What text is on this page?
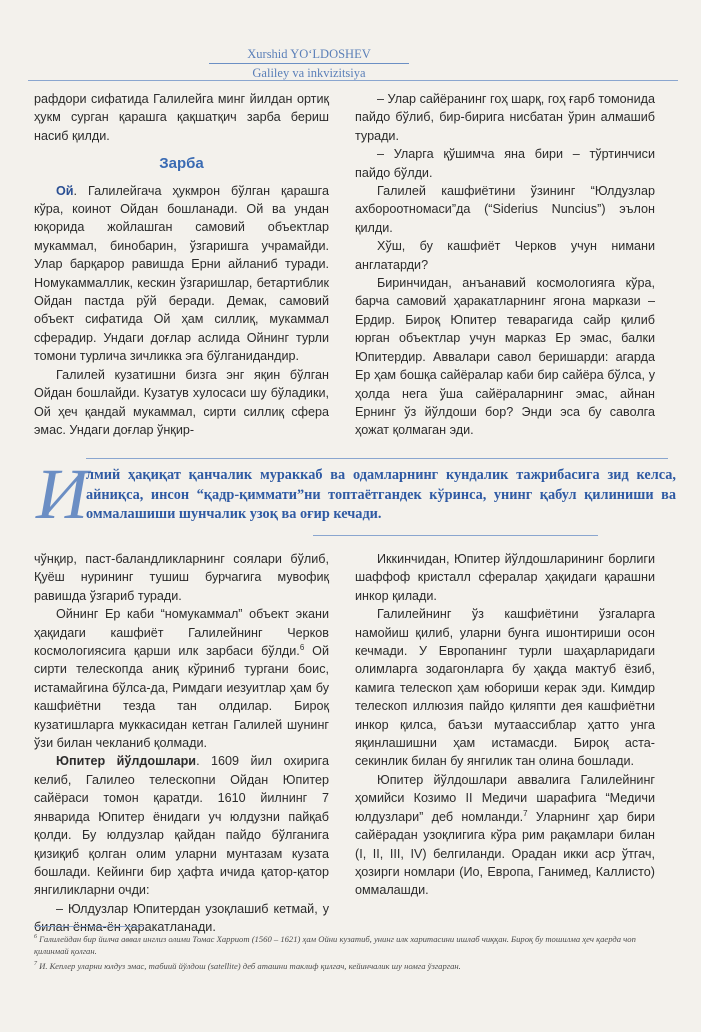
Xurshid YO‘LDOSHEV
Galiley va inkvizitsiya

рафдори сифатида Галилейга минг йилдан ортиқ ҳукм сурган қарашга қақшатқич зарба бериш насиб қилди.

Зарба

Ой. Галилейгача ҳукмрон бўлган қарашга кўра, коинот Ойдан бошланади. Ой ва ундан юқорида жойлашган самовий объектлар мукаммал, бинобарин, ўзгаришга учрамайди. Улар барқарор равишда Ерни айланиб туради. Номукаммаллик, кескин ўзгаришлар, бетартиблик Ойдан пастда рўй беради. Демак, самовий объект сифатида Ой ҳам силлиқ, мукаммал сферадир. Ундаги доғлар аслида Ойнинг турли томони турлича зичликка эга бўлганидандир.

Галилей кузатишни бизга энг яқин бўлган Ойдан бошлайди. Кузатув хулосаси шу бўладики, Ой ҳеч қандай мукаммал, сирти силлиқ сфера эмас. Ундаги доғлар ўнқир-

– Улар сайёранинг гоҳ шарқ, гоҳ ғарб томонида пайдо бўлиб, бир-бирига нисбатан ўрин алмашиб туради.

– Уларга қўшимча яна бири – тўртинчиси пайдо бўлди.

Галилей кашфиётини ўзининг “Юлдузлар ахбороотномаси”да (“Siderius Nuncius”) эълон қилди.

Хўш, бу кашфиёт Черков учун нимани англатарди?

Биринчидан, анъанавий космологияга кўра, барча самовий ҳаракатларнинг ягона маркази – Ердир. Бироқ Юпитер теварагида сайр қилиб юрган объектлар учун марказ Ер эмас, балки Юпитердир. Аввалари савол беришарди: агарда Ер ҳам бошқа сайёралар каби бир сайёра бўлса, у ҳолда нега ўша сайёраларнинг эмас, айнан Ернинг ўз йўлдоши бор? Энди эса бу саволга ҳожат қолмаган эди.

И
лмий ҳақиқат қанчалик мураккаб ва одамларнинг кундалик тажрибасига зид келса, айниқса, инсон “қадр-қиммати”ни топтаётгандек кўринса, унинг қабул қилиниши ва оммалашиши шунчалик узоқ ва оғир кечади.

чўнқир, паст-баландликларнинг соялари бўлиб, Қуёш нурининг тушиш бурчагига мувофиқ равишда ўзгариб туради.

Ойнинг Ер каби “номукаммал” объект экани ҳақидаги кашфиёт Галилейнинг Черков космологиясига қарши илк зарбаси бўлди.$^6$ Ой сирти телескопда аниқ кўриниб тургани боис, истамайгина бўлса-да, Римдаги иезуитлар ҳам бу кашфиётни тезда тан олдилар. Бироқ кузатишларга муккасидан кетган Галилей шунинг ўзи билан чекланиб қолмади.

Юпитер йўлдошлари. 1609 йил охирига келиб, Галилео телескопни Ойдан Юпитер сайёраси томон қаратди. 1610 йилнинг 7 январида Юпитер ёнидаги уч юлдузни пайқаб қолди. Бу юлдузлар қайдан пайдо бўлганига қизиқиб қолган олим уларни мунтазам кузата бошлади. Кейинги бир ҳафта ичида қатор-қатор янгиликларни очди:

– Юлдузлар Юпитердан узоқлашиб кетмай, у билан ёнма-ён ҳаракатланади.

Иккинчидан, Юпитер йўлдошларининг борлиги шаффоф кристалл сфералар ҳақидаги қарашни инкор қилади.

Галилейнинг ўз кашфиётини ўзгаларга намойиш қилиб, уларни бунга ишонтириши осон кечмади. У Европанинг турли шаҳарларидаги олимларга зодагонларга бу ҳақда мактуб ёзиб, камига телескоп ҳам юбориши керак эди. Кимдир телескоп иллюзия пайдо қиляпти дея кашфиётни инкор қилса, баъзи мутаассиблар ҳатто унга яқинлашишни ҳам истамасди. Бироқ аста-секинлик билан бу янгилик тан олина бошлади.

Юпитер йўлдошлари аввалига Галилейнинг ҳомийси Козимо II Медичи шарафига “Медичи юлдузлари” деб номланди.$^7$ Уларнинг ҳар бири сайёрадан узоқлигига кўра рим рақамлари билан (I, II, III, IV) белгиланди. Орадан икки аср ўтгач, ҳозирги номлари (Ио, Европа, Ганимед, Каллисто) оммалашди.

$^6$ Галилейдан бир йилча аввал инглиз олими Томас Харриот (1560 – 1621) ҳам Ойни кузатиб, унинг илк харитасини ишлаб чиққан. Бироқ бу тошилма ҳеч қаерда чоп қилинмай қолган.

$^7$ И. Кеплер уларни юлдуз эмас, табиий йўлдош (satellite) деб аташни таклиф қилгач, кейинчалик шу номга ўзгарган.
